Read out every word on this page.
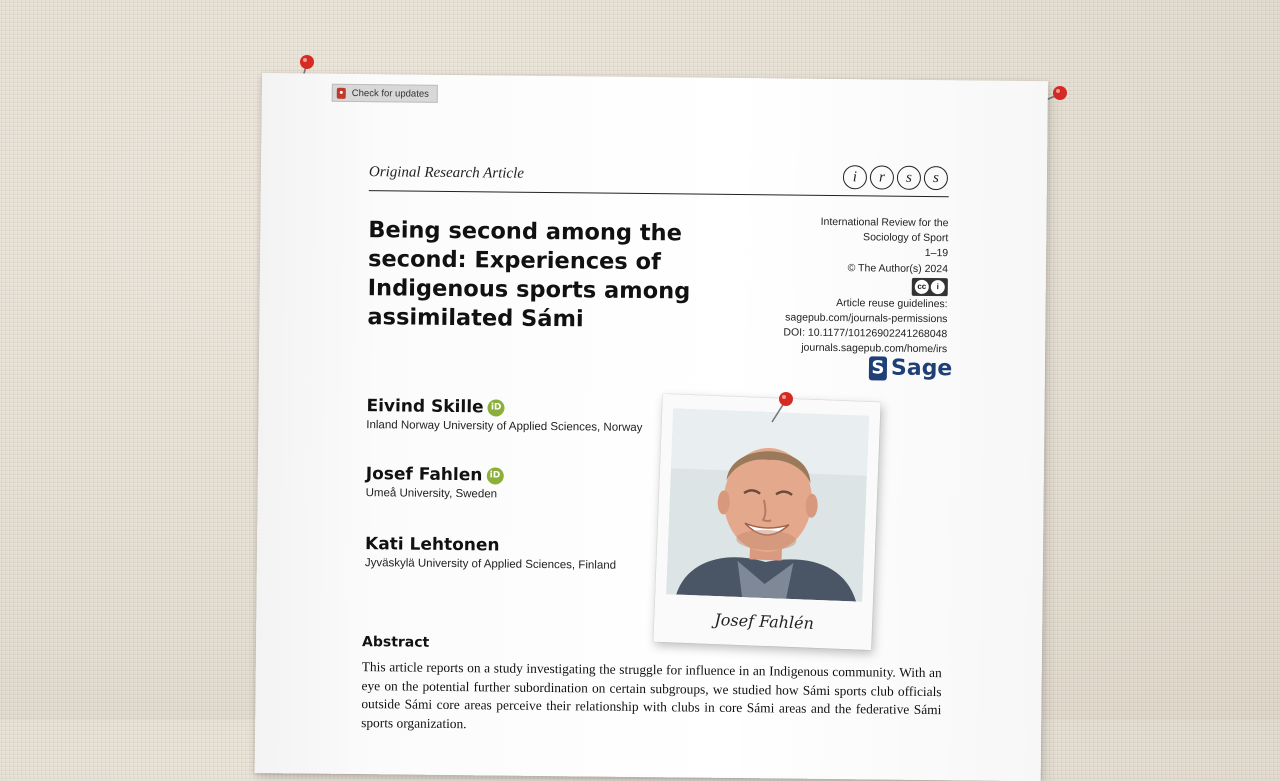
Check for updates
Original Research Article	i	r	s	s
Being second among the second: Experiences of Indigenous sports among assimilated Sámi
International Review for the
Sociology of Sport
1–19
© The Author(s) 2024
cc	i
Article reuse guidelines:
sagepub.com/journals-permissions
DOI: 10.1177/10126902241268048
journals.sagepub.com/home/irs
S Sage
Eivind Skille iD
Inland Norway University of Applied Sciences, Norway
Josef Fahlen iD
Umeå University, Sweden
Kati Lehtonen
Jyväskylä University of Applied Sciences, Finland
Abstract
This article reports on a study investigating the struggle for influence in an Indigenous community. With an eye on the potential further subordination on certain subgroups, we studied how Sámi sports club officials outside Sámi core areas perceive their relationship with clubs in core Sámi areas and the federative Sámi sports organization.
Josef Fahlén
